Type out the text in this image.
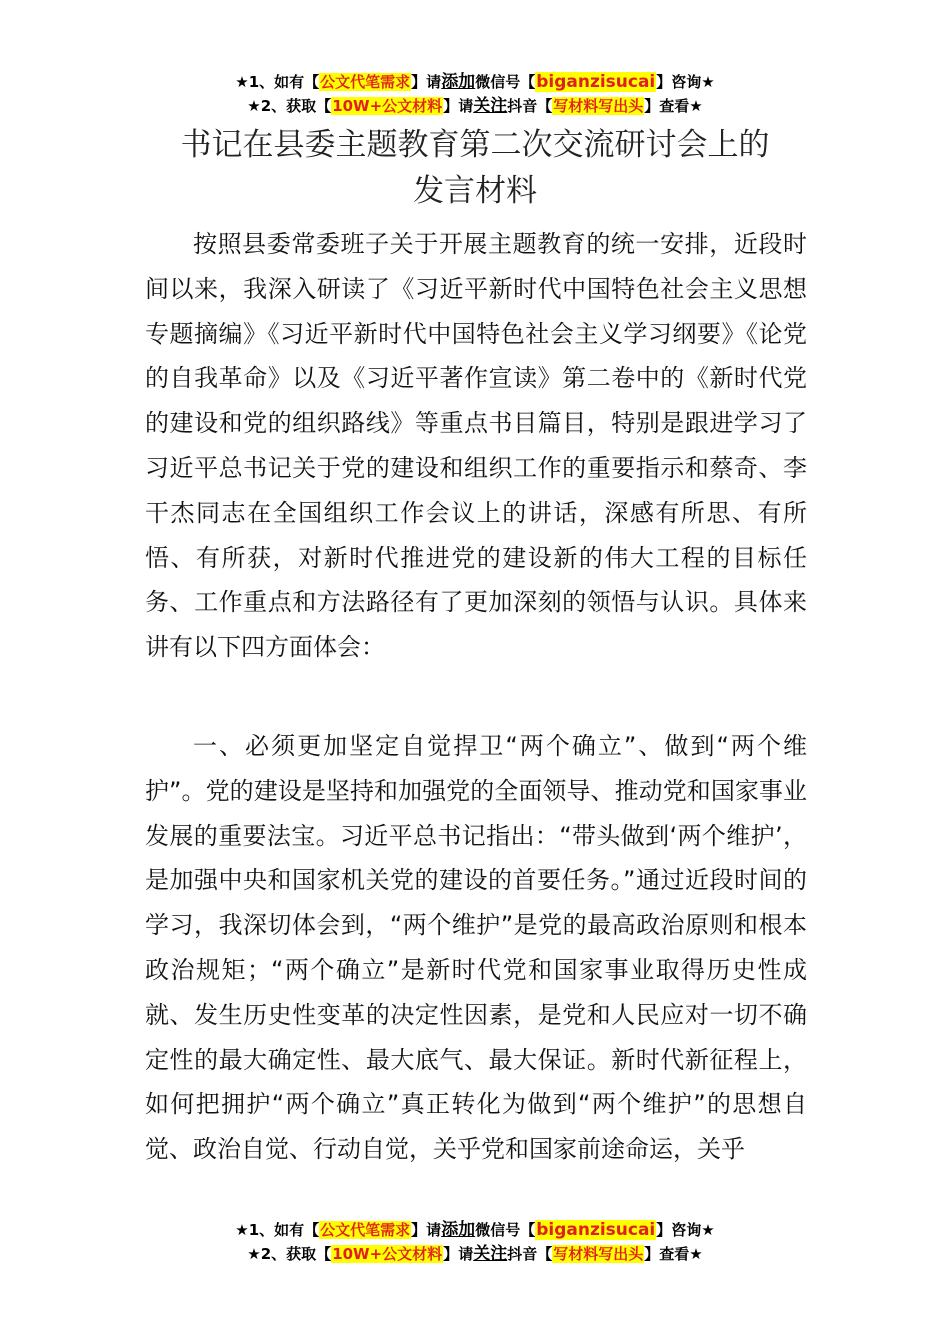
★1、如有【公文代笔需求】请添加微信号【biganzisucai】咨询★
★2、获取【10W+公文材料】请关注抖音【写材料写出头】查看★
书记在县委主题教育第二次交流研讨会上的
发言材料

按照县委常委班子关于开展主题教育的统一安排，近段时间以来，我深入研读了《习近平新时代中国特色社会主义思想专题摘编》《习近平新时代中国特色社会主义学习纲要》《论党的自我革命》以及《习近平著作宣读》第二卷中的《新时代党的建设和党的组织路线》等重点书目篇目，特别是跟进学习了习近平总书记关于党的建设和组织工作的重要指示和蔡奇、李干杰同志在全国组织工作会议上的讲话，深感有所思、有所悟、有所获，对新时代推进党的建设新的伟大工程的目标任务、工作重点和方法路径有了更加深刻的领悟与认识。具体来讲有以下四方面体会：

一、必须更加坚定自觉捍卫“两个确立”、做到“两个维护”。党的建设是坚持和加强党的全面领导、推动党和国家事业发展的重要法宝。习近平总书记指出：“带头做到‘两个维护’，是加强中央和国家机关党的建设的首要任务。”通过近段时间的学习，我深切体会到，“两个维护”是党的最高政治原则和根本政治规矩；“两个确立”是新时代党和国家事业取得历史性成就、发生历史性变革的决定性因素，是党和人民应对一切不确定性的最大确定性、最大底气、最大保证。新时代新征程上，如何把拥护“两个确立”真正转化为做到“两个维护”的思想自觉、政治自觉、行动自觉，关乎党和国家前途命运，关乎

★1、如有【公文代笔需求】请添加微信号【biganzisucai】咨询★
★2、获取【10W+公文材料】请关注抖音【写材料写出头】查看★
